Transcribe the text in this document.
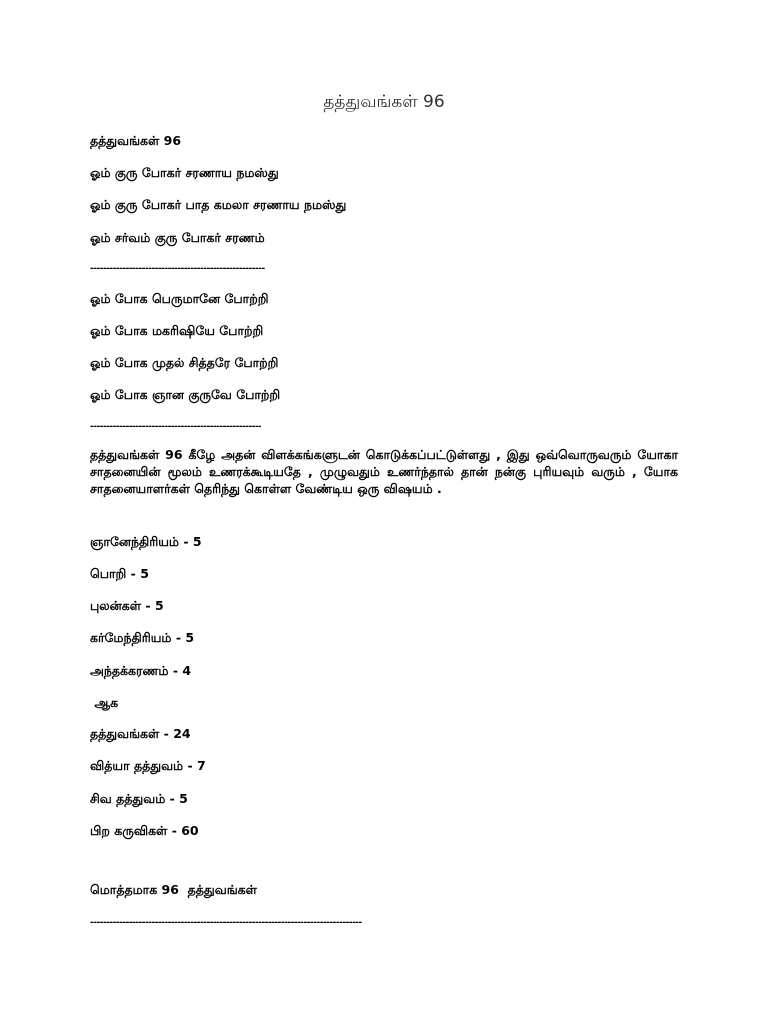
தத்துவங்கள் 96

தத்துவங்கள் 96

ஓம் குரு போகர் சரணாய நமஸ்து

ஓம் குரு போகர் பாத கமலா சரணாய நமஸ்து

ஓம் சர்வம் குரு போகர் சரணம்

------------------------------------------------------

ஓம் போக பெருமானே போற்றி

ஓம் போக மகரிஷியே போற்றி

ஓம் போக முதல் சித்தரே போற்றி

ஓம் போக ஞான குருவே போற்றி

-----------------------------------------------------

தத்துவங்கள் 96 கீழே அதன் விளக்கங்களுடன் கொடுக்கப்பட்டுள்ளது , இது ஒவ்வொருவரும் யோகா சாதனையின் மூலம் உணரக்கூடியதே , முழுவதும் உணர்ந்தால் தான் நன்கு புரியவும் வரும் , யோக சாதனையாளர்கள் தெரிந்து கொள்ள வேண்டிய ஒரு விஷயம் .

ஞானேந்திரியம் - 5

பொறி - 5

புலன்கள் - 5

கர்மேந்திரியம் - 5

அந்தக்கரணம் - 4

ஆக

தத்துவங்கள் - 24

வித்யா தத்துவம் - 7

சிவ தத்துவம் - 5

பிற கருவிகள் - 60

மொத்தமாக 96  தத்துவங்கள்

------------------------------------------------------------------------------------
